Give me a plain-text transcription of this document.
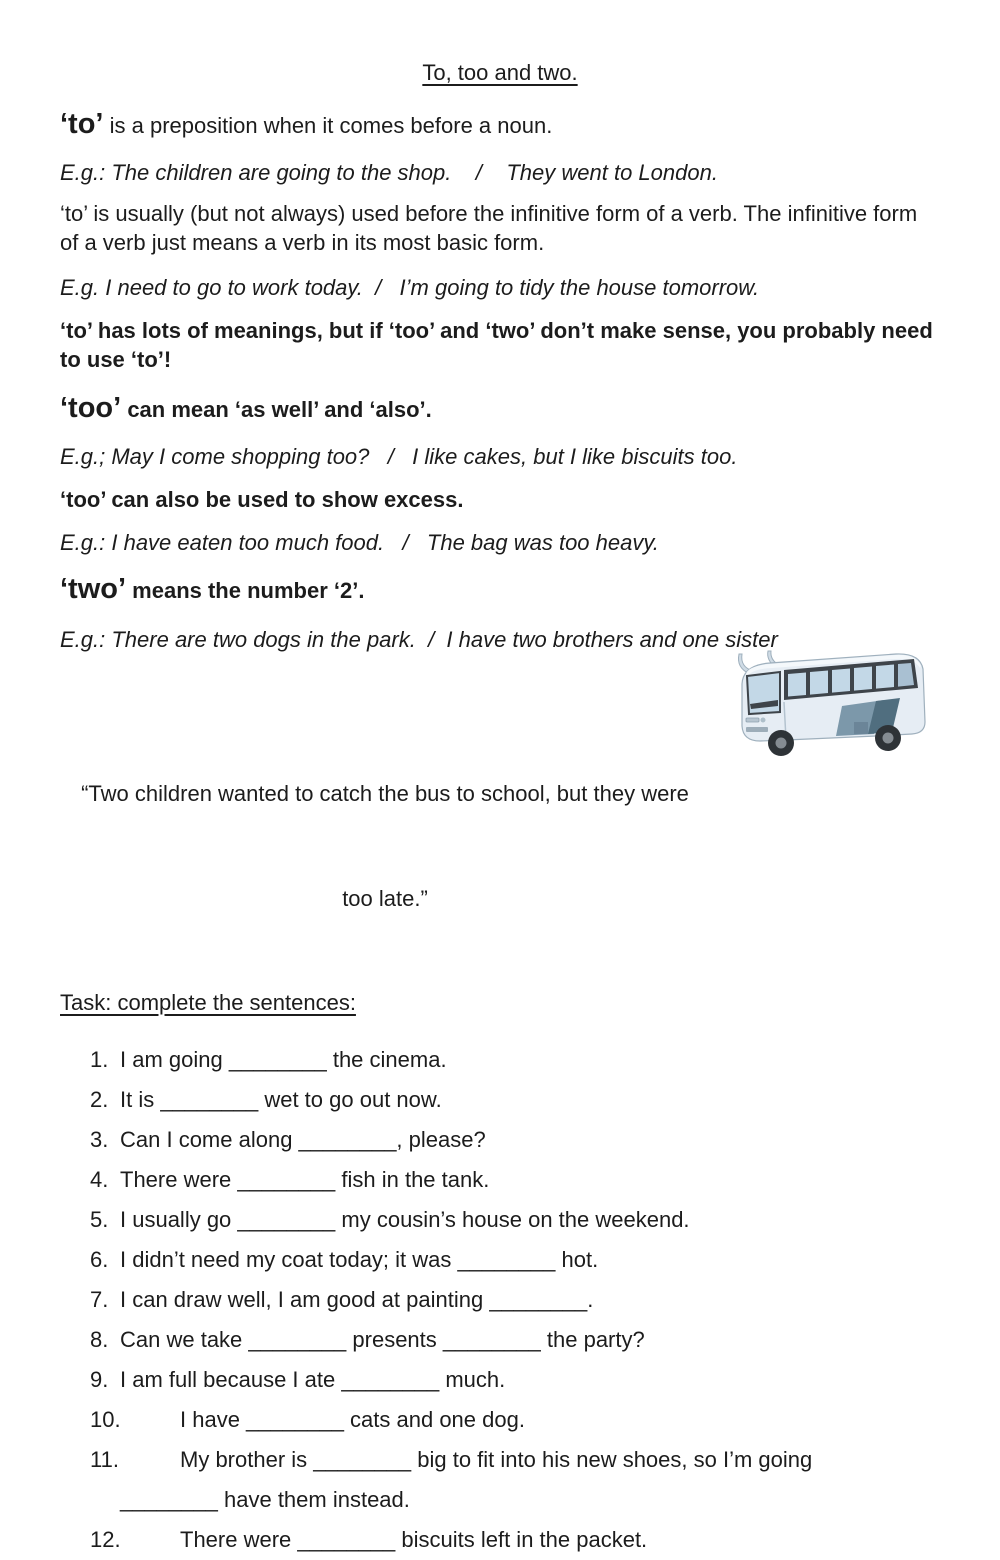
To, too and two.

‘to’ is a preposition when it comes before a noun.

E.g.: The children are going to the shop.    /    They went to London.

‘to’ is usually (but not always) used before the infinitive form of a verb. The infinitive form of a verb just means a verb in its most basic form.

E.g. I need to go to work today.  /   I’m going to tidy the house tomorrow.

‘to’ has lots of meanings, but if ‘too’ and ‘two’ don’t make sense, you probably need to use ‘to’!

‘too’ can mean ‘as well’ and ‘also’.

E.g.; May I come shopping too?   /   I like cakes, but I like biscuits too.

‘too’ can also be used to show excess.

E.g.: I have eaten too much food.   /   The bag was too heavy.

‘two’ means the number ‘2’.

E.g.: There are two dogs in the park.  /  I have two brothers and one sister

“Two children wanted to catch the bus to school, but they were

too late.”

Task: complete the sentences:

1. I am going ________ the cinema.
2. It is ________ wet to go out now.
3. Can I come along ________, please?
4. There were ________ fish in the tank.
5. I usually go ________ my cousin’s house on the weekend.
6. I didn’t need my coat today; it was ________ hot.
7. I can draw well, I am good at painting ________.
8. Can we take ________ presents ________ the party?
9. I am full because I ate ________ much.
10.	I have ________ cats and one dog.
11.	My brother is ________ big to fit into his new shoes, so I’m going
________ have them instead.
12.	There were ________ biscuits left in the packet.
